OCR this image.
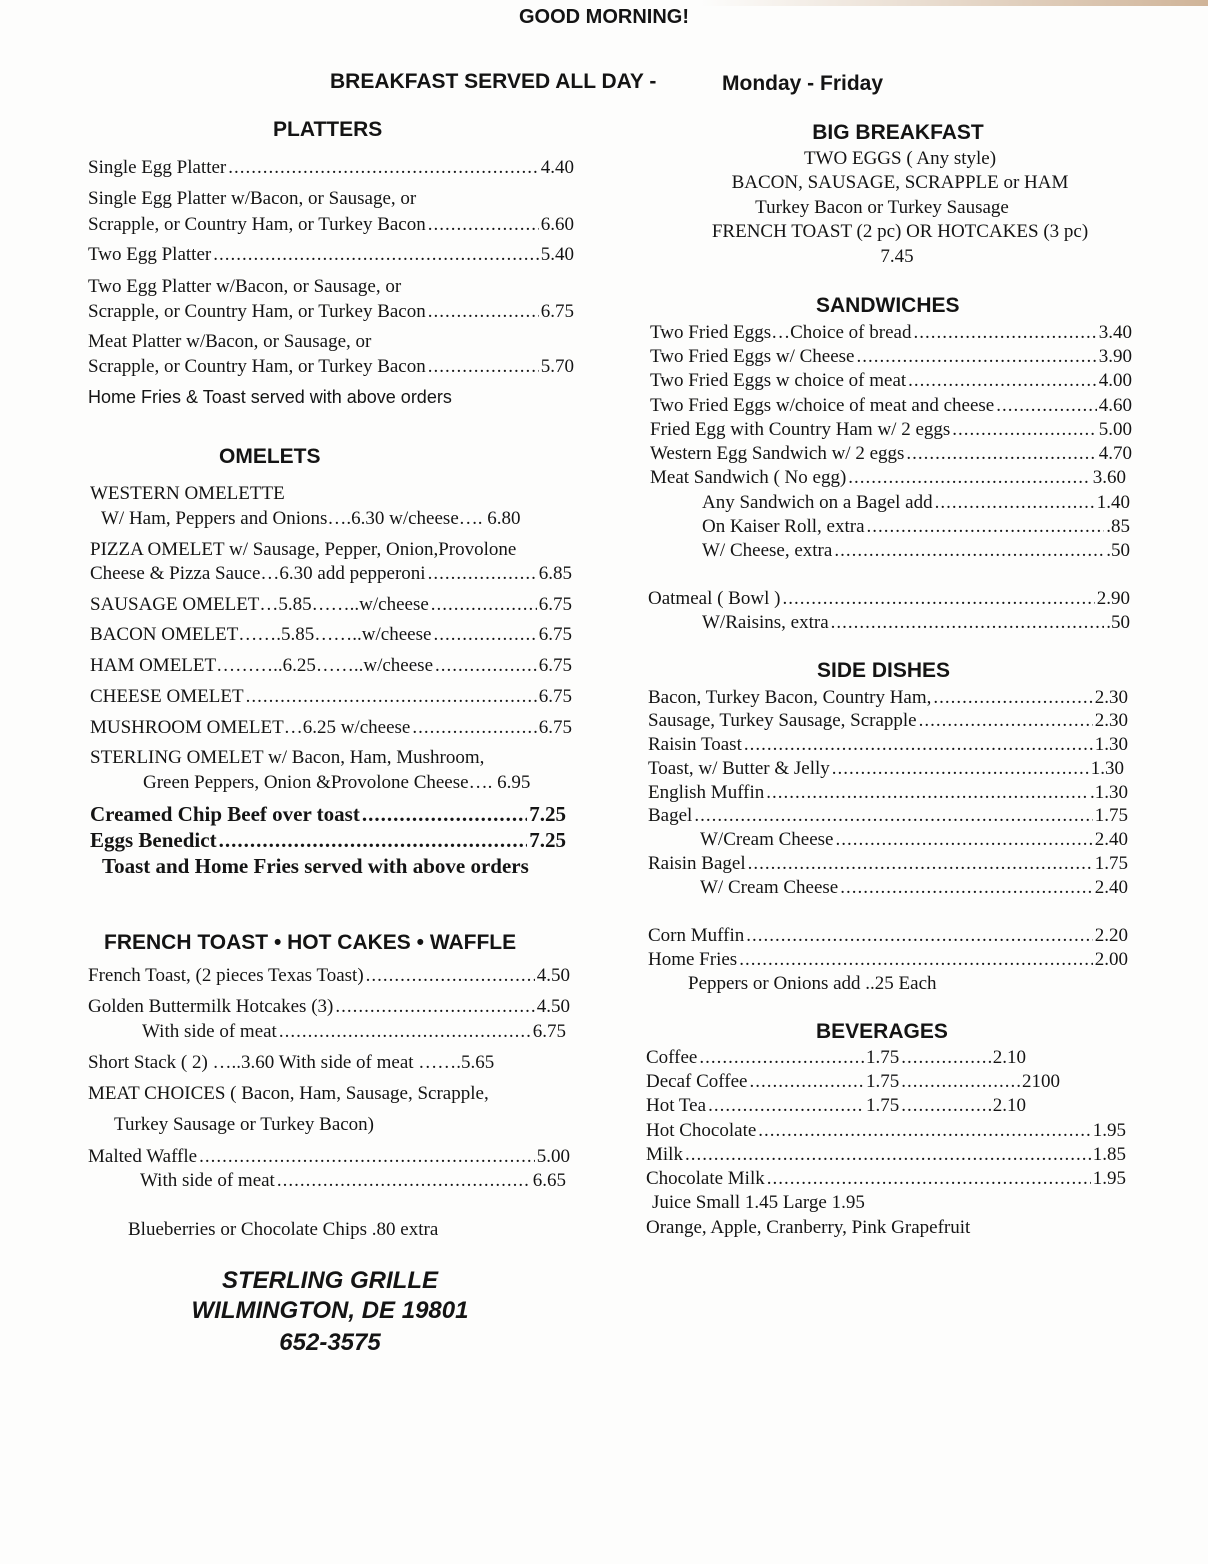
GOOD MORNING!
BREAKFAST SERVED ALL DAY -	Monday - Friday
PLATTERS
Single Egg Platter .....	4.40
Single Egg Platter w/Bacon, or Sausage, or
Scrapple, or Country Ham, or Turkey Bacon .....	6.60
Two Egg Platter .....	5.40
Two Egg Platter w/Bacon, or Sausage, or
Scrapple, or Country Ham, or Turkey Bacon .....	6.75
Meat Platter w/Bacon, or Sausage, or
Scrapple, or Country Ham, or Turkey Bacon .....	5.70
Home Fries & Toast served with above orders
OMELETS
WESTERN OMELETTE
W/ Ham, Peppers and Onions….6.30 w/cheese…. 6.80
PIZZA OMELET w/ Sausage, Pepper, Onion,Provolone
Cheese & Pizza Sauce…6.30 add pepperoni .....	6.85
SAUSAGE OMELET…5.85……..w/cheese .....	6.75
BACON OMELET…….5.85……..w/cheese .....	6.75
HAM OMELET………..6.25……..w/cheese .....	6.75
CHEESE OMELET .....	6.75
MUSHROOM OMELET…6.25 w/cheese .....	6.75
STERLING OMELET w/ Bacon, Ham, Mushroom,
Green Peppers, Onion &Provolone Cheese…. 6.95
Creamed Chip Beef over toast .....	7.25
Eggs Benedict .....	7.25
Toast and Home Fries served with above orders
FRENCH TOAST • HOT CAKES • WAFFLE
French Toast, (2 pieces Texas Toast) .....	4.50
Golden Buttermilk Hotcakes (3) .....	4.50
With side of meat .....	6.75
Short Stack ( 2) …..3.60 With side of meat …….5.65
MEAT CHOICES ( Bacon, Ham, Sausage, Scrapple,
Turkey Sausage or Turkey Bacon)
Malted Waffle .....	5.00
With side of meat .....	6.65
Blueberries or Chocolate Chips .80 extra
STERLING GRILLE
WILMINGTON, DE 19801
652-3575
BIG BREAKFAST
TWO EGGS ( Any style)
BACON, SAUSAGE, SCRAPPLE or HAM
Turkey Bacon or Turkey Sausage
FRENCH TOAST (2 pc) OR HOTCAKES (3 pc)
7.45
SANDWICHES
Two Fried Eggs…Choice of bread .....	3.40
Two Fried Eggs w/ Cheese .....	3.90
Two Fried Eggs w choice of meat .....	4.00
Two Fried Eggs w/choice of meat and cheese .....	4.60
Fried Egg with Country Ham w/ 2 eggs .....	5.00
Western Egg Sandwich w/ 2 eggs .....	4.70
Meat Sandwich ( No egg) .....	3.60
Any Sandwich on a Bagel add .....	1.40
On Kaiser Roll, extra .....	.85
W/ Cheese, extra .....	.50
Oatmeal ( Bowl ) .....	2.90
W/Raisins, extra .....	.50
SIDE DISHES
Bacon, Turkey Bacon, Country Ham, .....	2.30
Sausage, Turkey Sausage, Scrapple .....	2.30
Raisin Toast .....	1.30
Toast, w/ Butter & Jelly .....	1.30
English Muffin .....	.1.30
Bagel .....	1.75
W/Cream Cheese .....	2.40
Raisin Bagel .....	1.75
W/ Cream Cheese .....	2.40
Corn Muffin .....	2.20
Home Fries .....	2.00
Peppers or Onions add ..25 Each
BEVERAGES
Coffee .....	1.75 .....	2.10
Decaf Coffee .....	1.75 .....	2100
Hot Tea .....	1.75 .....	2.10
Hot Chocolate .....	1.95
Milk .....	1.85
Chocolate Milk .....	1.95
Juice Small 1.45 Large 1.95
Orange, Apple, Cranberry, Pink Grapefruit
